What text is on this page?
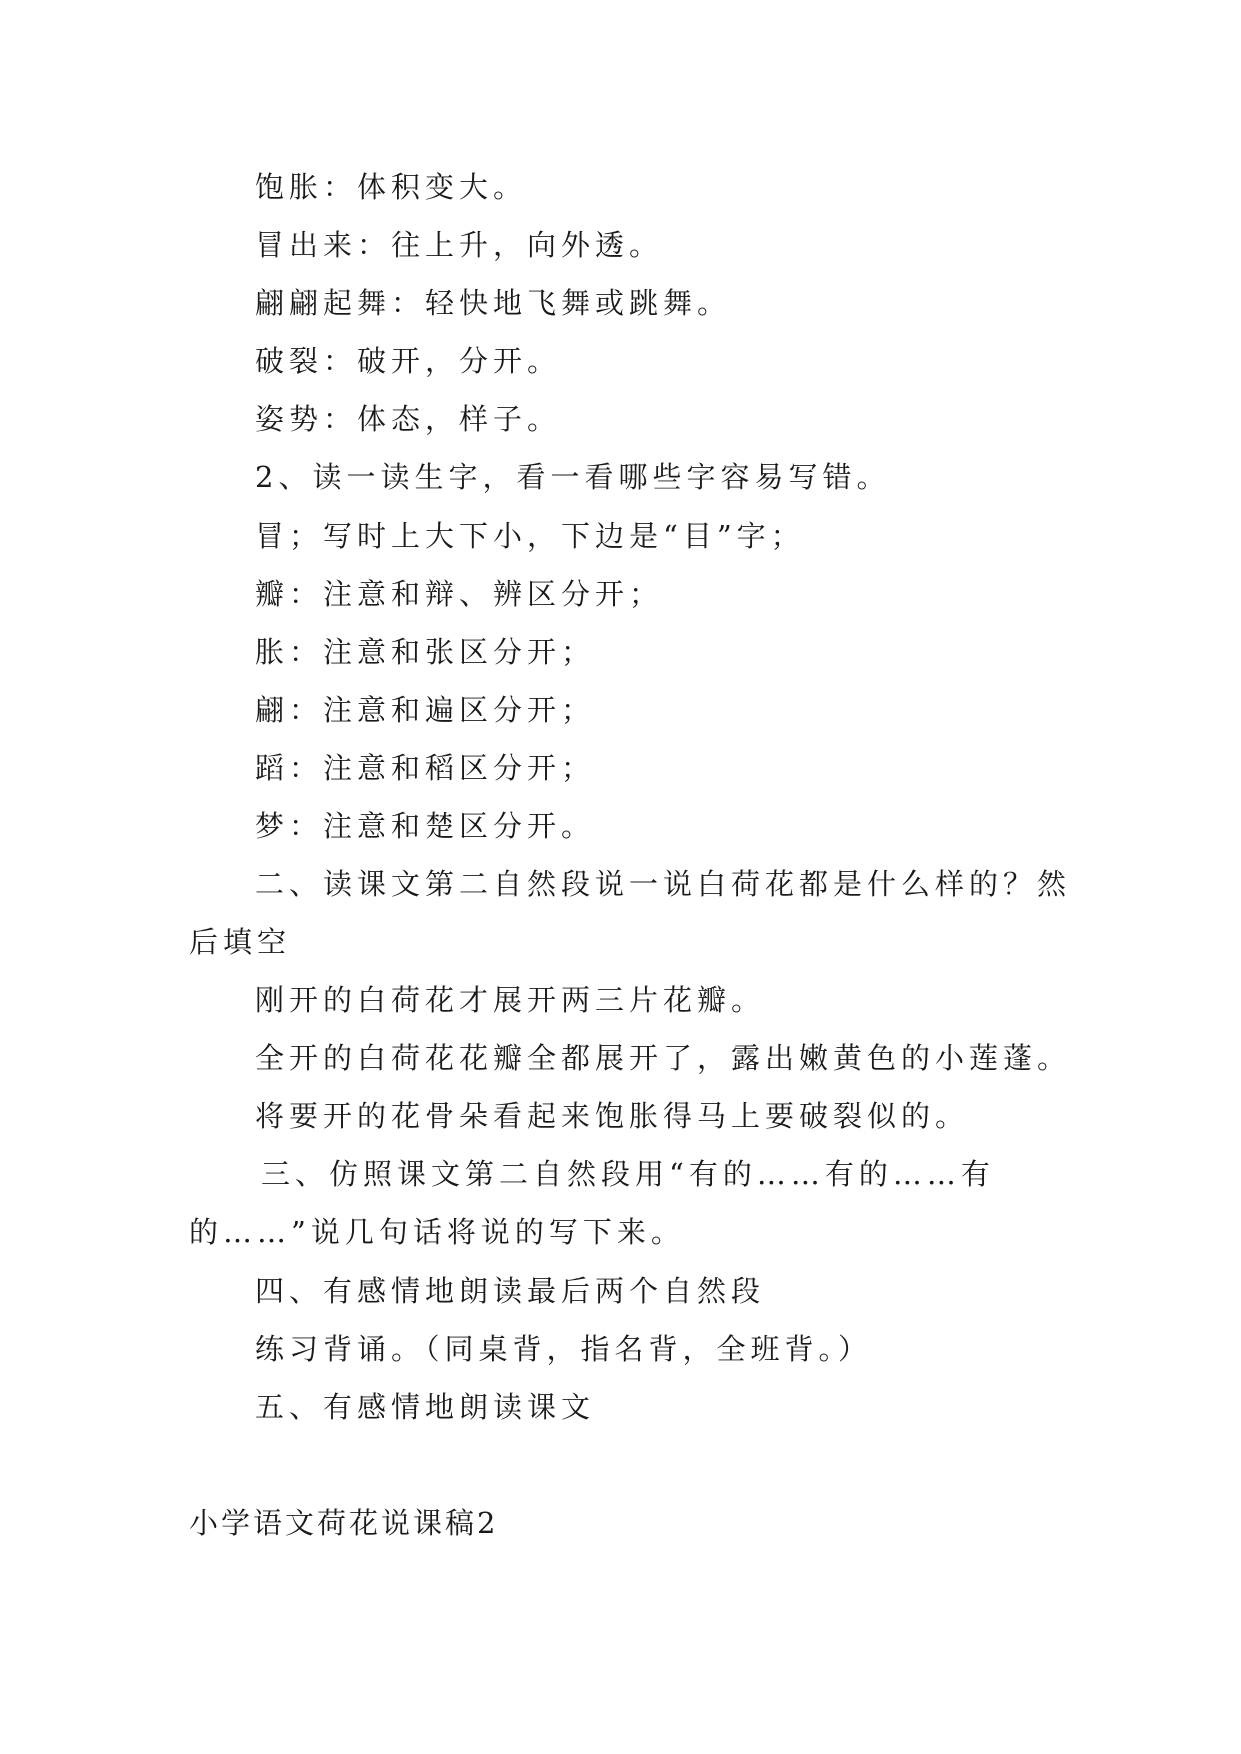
饱胀：体积变大。
冒出来：往上升，向外透。
翩翩起舞：轻快地飞舞或跳舞。
破裂：破开，分开。
姿势：体态，样子。
2、读一读生字，看一看哪些字容易写错。
冒；写时上大下小，下边是“目”字；
瓣：注意和辩、辨区分开；
胀：注意和张区分开；
翩：注意和遍区分开；
蹈：注意和稻区分开；
梦：注意和楚区分开。
二、读课文第二自然段说一说白荷花都是什么样的？然
后填空
刚开的白荷花才展开两三片花瓣。
全开的白荷花花瓣全都展开了，露出嫩黄色的小莲蓬。
将要开的花骨朵看起来饱胀得马上要破裂似的。
三、仿照课文第二自然段用“有的……有的……有
的……”说几句话将说的写下来。
四、有感情地朗读最后两个自然段
练习背诵。（同桌背，指名背，全班背。）
五、有感情地朗读课文
小学语文荷花说课稿2
